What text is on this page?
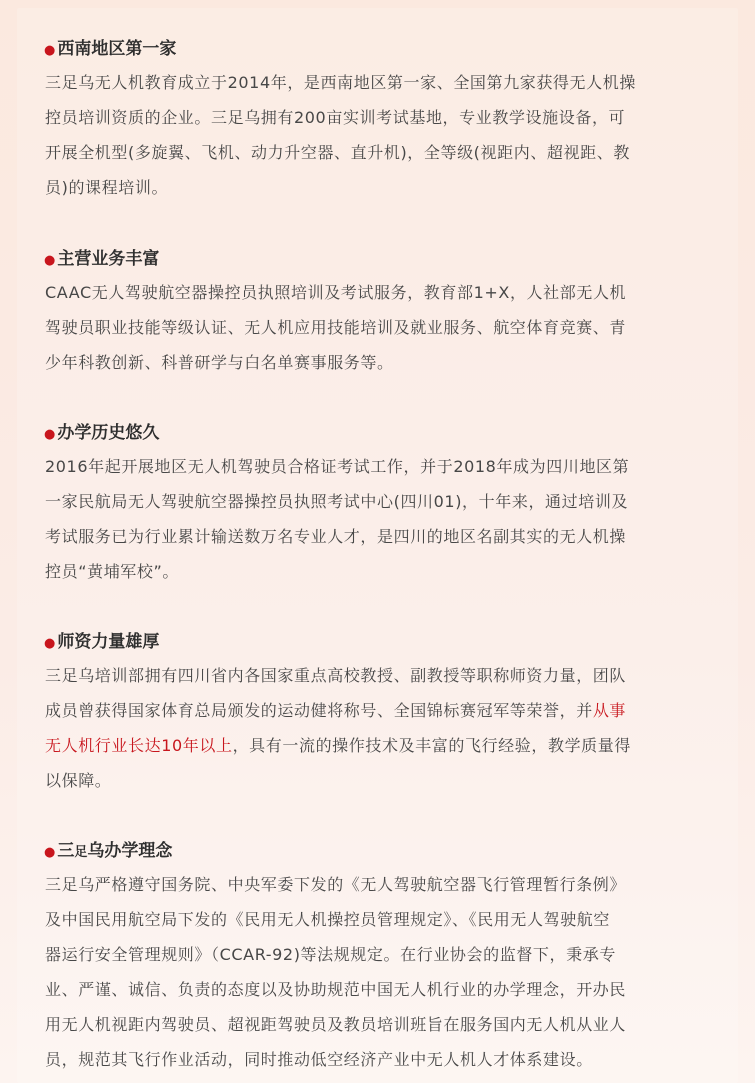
● 西南地区第一家
三足乌无人机教育成立于2014年，是西南地区第一家、全国第九家获得无人机操
控员培训资质的企业。三足乌拥有200亩实训考试基地，专业教学设施设备，可
开展全机型(多旋翼、飞机、动力升空器、直升机)，全等级(视距内、超视距、教
员)的课程培训。
● 主营业务丰富
CAAC无人驾驶航空器操控员执照培训及考试服务，教育部1+X，人社部无人机
驾驶员职业技能等级认证、无人机应用技能培训及就业服务、航空体育竞赛、青
少年科教创新、科普研学与白名单赛事服务等。
● 办学历史悠久
2016年起开展地区无人机驾驶员合格证考试工作，并于2018年成为四川地区第
一家民航局无人驾驶航空器操控员执照考试中心(四川01)，十年来，通过培训及
考试服务已为行业累计输送数万名专业人才，是四川的地区名副其实的无人机操
控员“黄埔军校”。
● 师资力量雄厚
三足乌培训部拥有四川省内各国家重点高校教授、副教授等职称师资力量，团队
成员曾获得国家体育总局颁发的运动健将称号、全国锦标赛冠军等荣誉，并从事
无人机行业长达10年以上，具有一流的操作技术及丰富的飞行经验，教学质量得
以保障。
● 三足乌办学理念
三足乌严格遵守国务院、中央军委下发的《无人驾驶航空器飞行管理暂行条例》
及中国民用航空局下发的《民用无人机操控员管理规定》、《民用无人驾驶航空
器运行安全管理规则》（CCAR-92)等法规规定。在行业协会的监督下，秉承专
业、严谨、诚信、负责的态度以及协助规范中国无人机行业的办学理念，开办民
用无人机视距内驾驶员、超视距驾驶员及教员培训班旨在服务国内无人机从业人
员，规范其飞行作业活动，同时推动低空经济产业中无人机人才体系建设。
